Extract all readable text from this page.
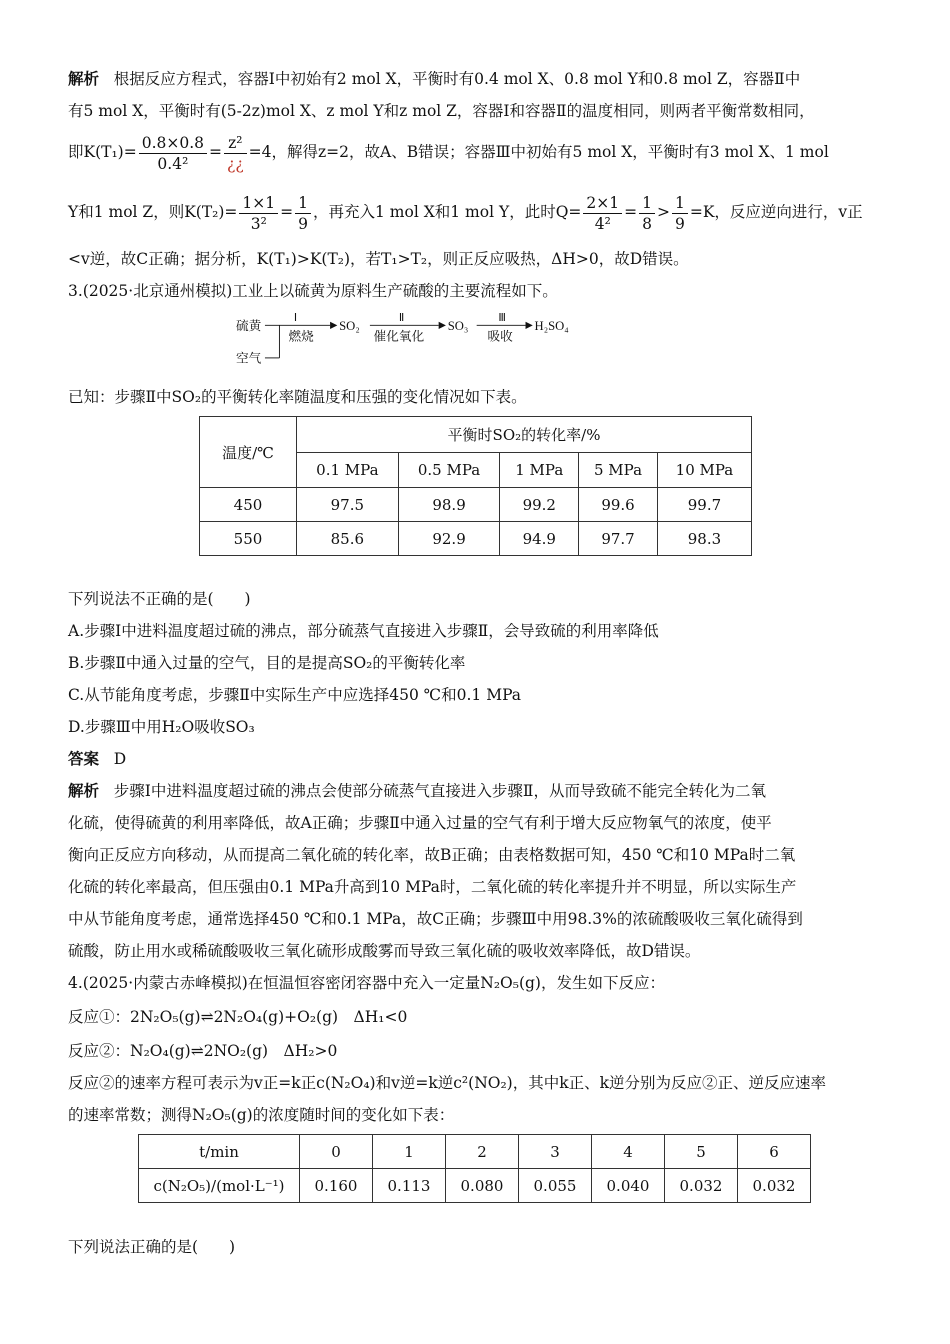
解析 根据反应方程式，容器Ⅰ中初始有2 mol X，平衡时有0.4 mol X、0.8 mol Y和0.8 mol Z，容器Ⅱ中
有5 mol X，平衡时有(5-2z)mol X、z mol Y和z mol Z，容器Ⅰ和容器Ⅱ的温度相同，则两者平衡常数相同，
即$K(T_1)= \frac{0.8\times 0.8}{\text{0.4²}} = \frac{\text{z²}}{¿¿} =4$，解得z=2，故A、B错误；容器Ⅲ中初始有5 mol X，平衡时有3 mol X、1 mol
Y和1 mol Z，则$K(T_2)= \frac{1\times 1}{\text{3²}} = \frac{1}{9}$ ，再充入1 mol X和1 mol Y，此时$Q= \frac{2\times 1}{\text{4²}} = \frac{1}{8} > \frac{1}{9} =K$，反应逆向进行，v正
<v逆，故C正确；据分析，K(T₁)>K(T₂)，若T₁>T₂，则正反应吸热，ΔH>0，故D错误。
3.(2025·北京通州模拟)工业上以硫黄为原料生产硫酸的主要流程如下。
硫黄
空气
Ⅰ
燃烧
SO₂
Ⅱ
催化氧化
SO₃
Ⅲ
吸收
H₂SO₄
已知：步骤Ⅱ中SO₂的平衡转化率随温度和压强的变化情况如下表。
温度/℃	平衡时SO₂的转化率/%				
	0.1 MPa	0.5 MPa	1 MPa	5 MPa	10 MPa
450	97.5	98.9	99.2	99.6	99.7
550	85.6	92.9	94.9	97.7	98.3
下列说法不正确的是(　　)
A.步骤Ⅰ中进料温度超过硫的沸点，部分硫蒸气直接进入步骤Ⅱ，会导致硫的利用率降低
B.步骤Ⅱ中通入过量的空气，目的是提高SO₂的平衡转化率
C.从节能角度考虑，步骤Ⅱ中实际生产中应选择450 ℃和0.1 MPa
D.步骤Ⅲ中用H₂O吸收SO₃
答案 D
解析 步骤Ⅰ中进料温度超过硫的沸点会使部分硫蒸气直接进入步骤Ⅱ，从而导致硫不能完全转化为二氧
化硫，使得硫黄的利用率降低，故A正确；步骤Ⅱ中通入过量的空气有利于增大反应物氧气的浓度，使平
衡向正反应方向移动，从而提高二氧化硫的转化率，故B正确；由表格数据可知，450 ℃和10 MPa时二氧
化硫的转化率最高，但压强由0.1 MPa升高到10 MPa时，二氧化硫的转化率提升并不明显，所以实际生产
中从节能角度考虑，通常选择450 ℃和0.1 MPa，故C正确；步骤Ⅲ中用98.3%的浓硫酸吸收三氧化硫得到
硫酸，防止用水或稀硫酸吸收三氧化硫形成酸雾而导致三氧化硫的吸收效率降低，故D错误。
4.(2025·内蒙古赤峰模拟)在恒温恒容密闭容器中充入一定量N₂O₅(g)，发生如下反应：
反应①：2N₂O₅(g)⇌2N₂O₄(g)+O₂(g)　ΔH₁<0
反应②：N₂O₄(g)⇌2NO₂(g)　ΔH₂>0
反应②的速率方程可表示为v正=k正c(N₂O₄)和v逆=k逆c²(NO₂)，其中k正、k逆分别为反应②正、逆反应速率
的速率常数；测得N₂O₅(g)的浓度随时间的变化如下表：
t/min	0	1	2	3	4	5	6
c(N₂O₅)/(mol·L⁻¹)	0.160	0.113	0.080	0.055	0.040	0.032	0.032
下列说法正确的是(　　)
